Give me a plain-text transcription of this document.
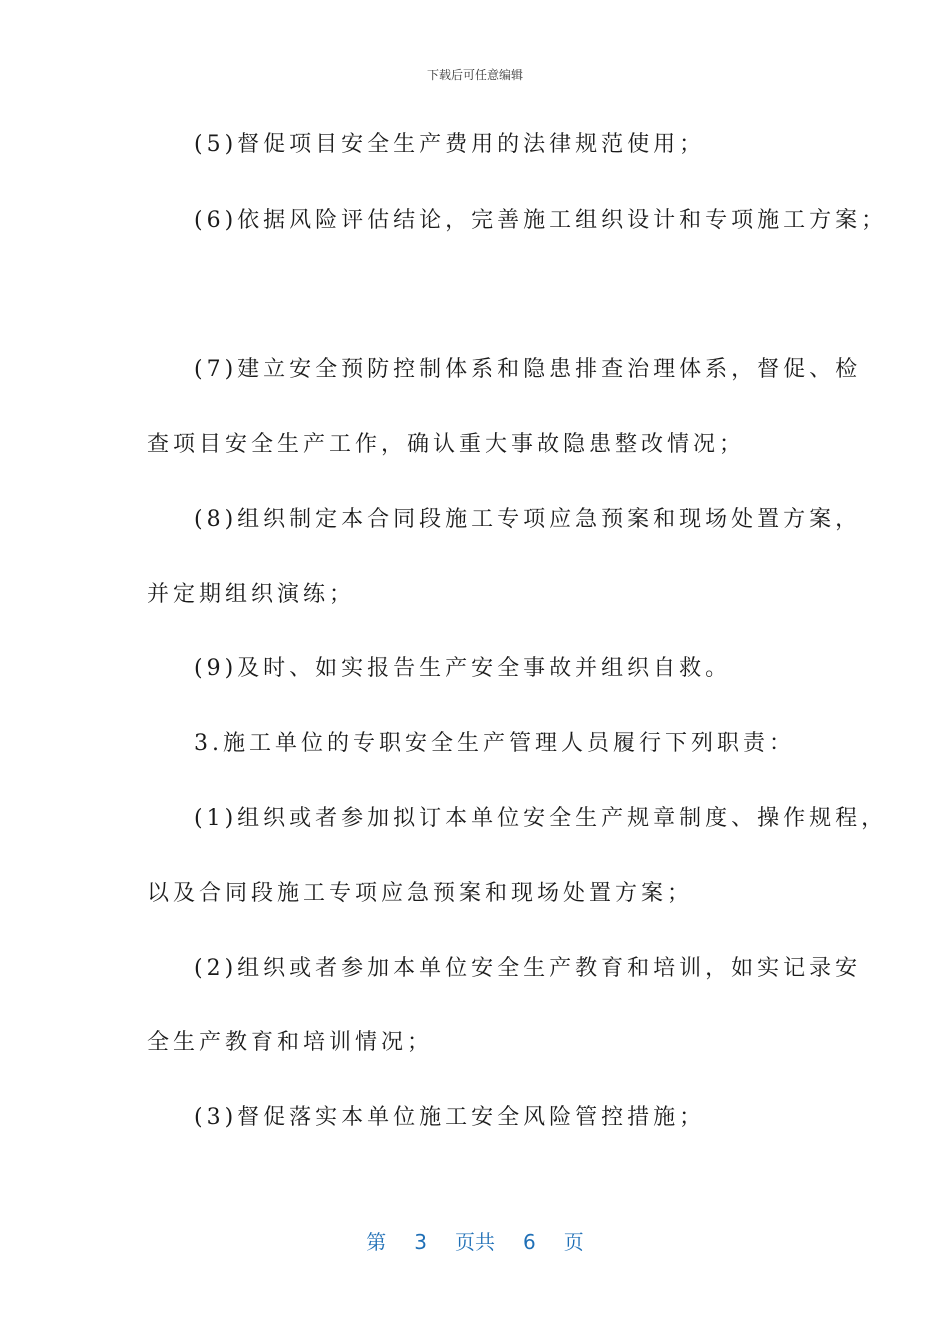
下载后可任意编辑
(5)督促项目安全生产费用的法律规范使用；
(6)依据风险评估结论，完善施工组织设计和专项施工方案；
(7)建立安全预防控制体系和隐患排查治理体系，督促、检
查项目安全生产工作，确认重大事故隐患整改情况；
(8)组织制定本合同段施工专项应急预案和现场处置方案，
并定期组织演练；
(9)及时、如实报告生产安全事故并组织自救。
3.施工单位的专职安全生产管理人员履行下列职责：
(1)组织或者参加拟订本单位安全生产规章制度、操作规程，
以及合同段施工专项应急预案和现场处置方案；
(2)组织或者参加本单位安全生产教育和培训，如实记录安
全生产教育和培训情况；
(3)督促落实本单位施工安全风险管控措施；
第 3 页共 6 页
